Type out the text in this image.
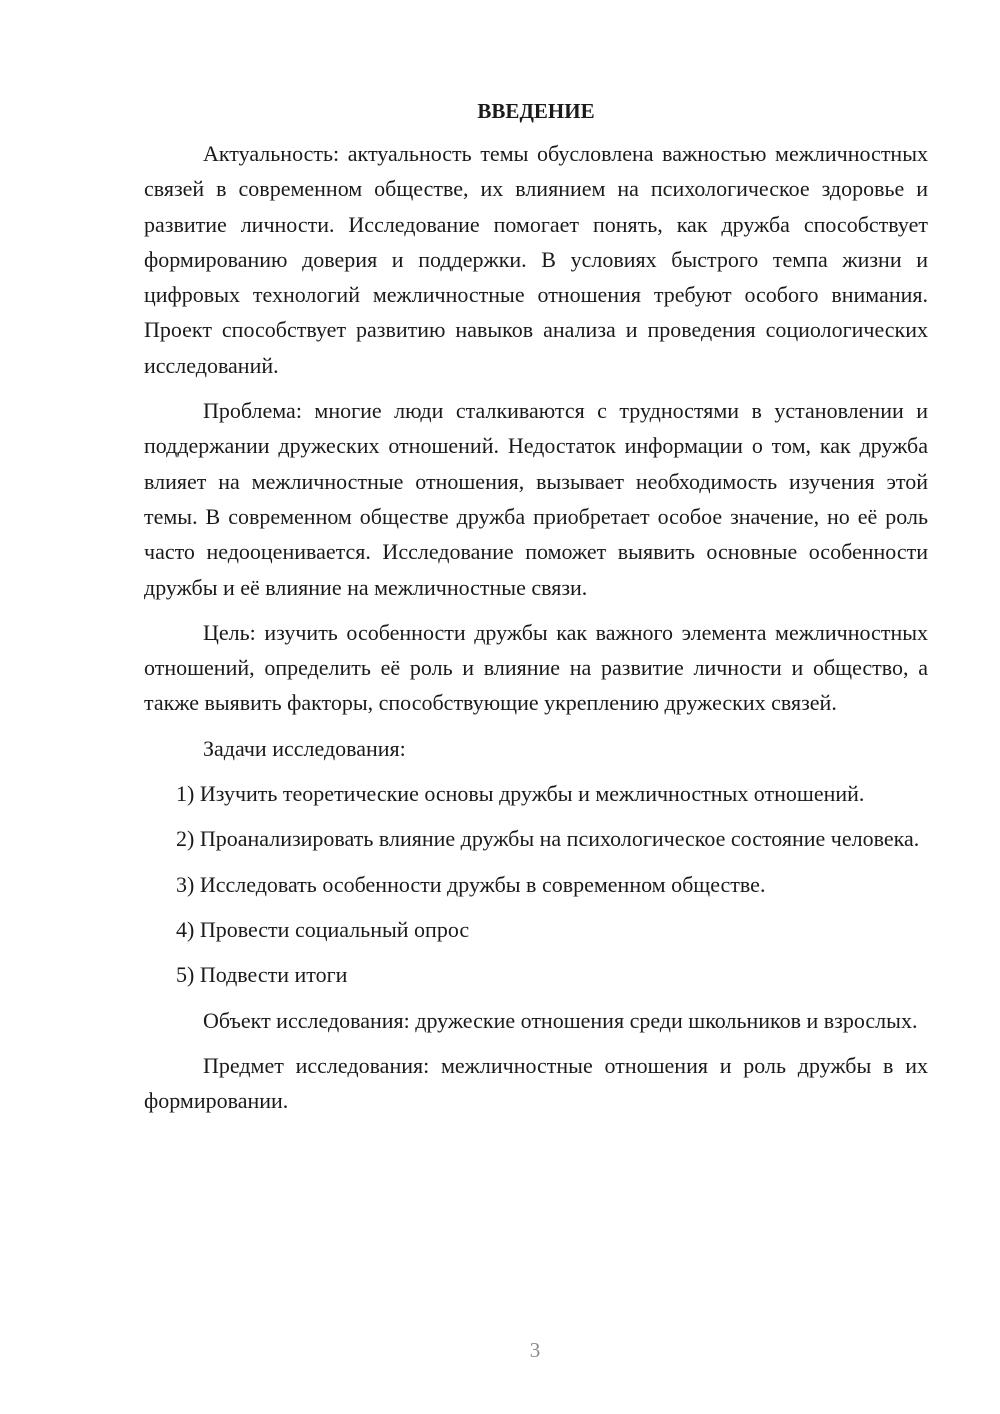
ВВЕДЕНИЕ

Актуальность: актуальность темы обусловлена важностью межличностных связей в современном обществе, их влиянием на психологическое здоровье и развитие личности. Исследование помогает понять, как дружба способствует формированию доверия и поддержки. В условиях быстрого темпа жизни и цифровых технологий межличностные отношения требуют особого внимания. Проект способствует развитию навыков анализа и проведения социологических исследований.

Проблема: многие люди сталкиваются с трудностями в установлении и поддержании дружеских отношений. Недостаток информации о том, как дружба влияет на межличностные отношения, вызывает необходимость изучения этой темы. В современном обществе дружба приобретает особое значение, но её роль часто недооценивается. Исследование поможет выявить основные особенности дружбы и её влияние на межличностные связи.

Цель: изучить особенности дружбы как важного элемента межличностных отношений, определить её роль и влияние на развитие личности и общество, а также выявить факторы, способствующие укреплению дружеских связей.

Задачи исследования:

1) Изучить теоретические основы дружбы и межличностных отношений.

2) Проанализировать влияние дружбы на психологическое состояние человека.

3) Исследовать особенности дружбы в современном обществе.

4) Провести социальный опрос

5) Подвести итоги

Объект исследования: дружеские отношения среди школьников и взрослых.

Предмет исследования: межличностные отношения и роль дружбы в их формировании.

3
